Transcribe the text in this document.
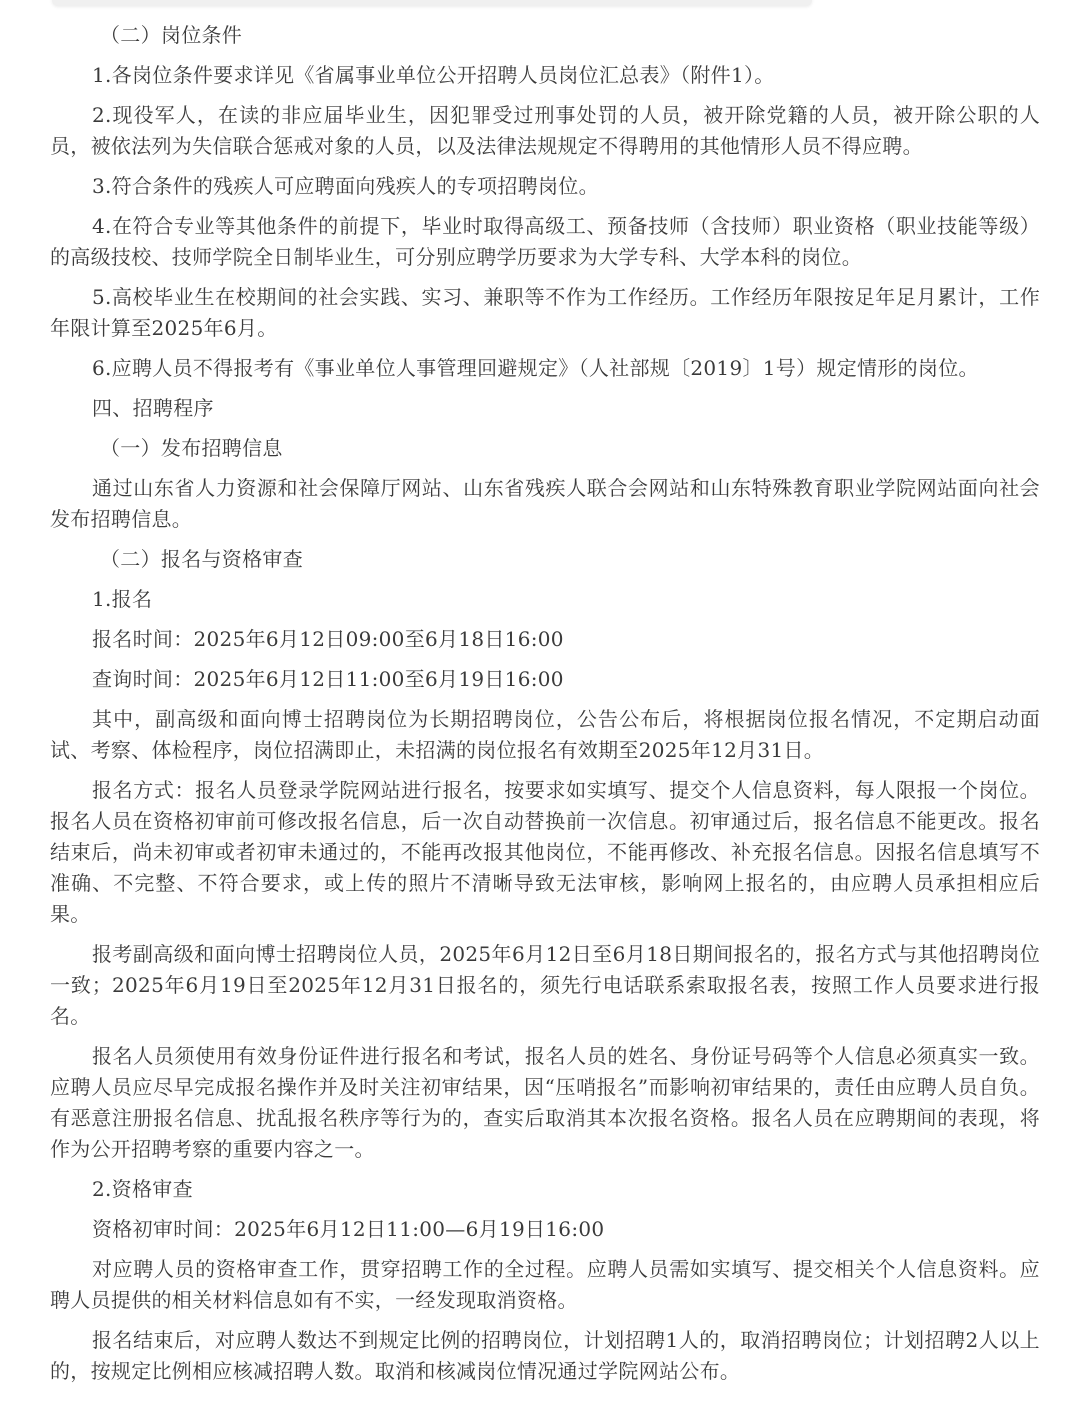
（二）岗位条件

1.各岗位条件要求详见《省属事业单位公开招聘人员岗位汇总表》（附件1）。

2.现役军人，在读的非应届毕业生，因犯罪受过刑事处罚的人员，被开除党籍的人员，被开除公职的人员，被依法列为失信联合惩戒对象的人员，以及法律法规规定不得聘用的其他情形人员不得应聘。

3.符合条件的残疾人可应聘面向残疾人的专项招聘岗位。

4.在符合专业等其他条件的前提下，毕业时取得高级工、预备技师（含技师）职业资格（职业技能等级）的高级技校、技师学院全日制毕业生，可分别应聘学历要求为大学专科、大学本科的岗位。

5.高校毕业生在校期间的社会实践、实习、兼职等不作为工作经历。工作经历年限按足年足月累计，工作年限计算至2025年6月。

6.应聘人员不得报考有《事业单位人事管理回避规定》（人社部规〔2019〕1号）规定情形的岗位。

四、招聘程序

（一）发布招聘信息

通过山东省人力资源和社会保障厅网站、山东省残疾人联合会网站和山东特殊教育职业学院网站面向社会发布招聘信息。

（二）报名与资格审查

1.报名

报名时间：2025年6月12日09:00至6月18日16:00

查询时间：2025年6月12日11:00至6月19日16:00

其中，副高级和面向博士招聘岗位为长期招聘岗位，公告公布后，将根据岗位报名情况，不定期启动面试、考察、体检程序，岗位招满即止，未招满的岗位报名有效期至2025年12月31日。

报名方式：报名人员登录学院网站进行报名，按要求如实填写、提交个人信息资料，每人限报一个岗位。报名人员在资格初审前可修改报名信息，后一次自动替换前一次信息。初审通过后，报名信息不能更改。报名结束后，尚未初审或者初审未通过的，不能再改报其他岗位，不能再修改、补充报名信息。因报名信息填写不准确、不完整、不符合要求，或上传的照片不清晰导致无法审核，影响网上报名的，由应聘人员承担相应后果。

报考副高级和面向博士招聘岗位人员，2025年6月12日至6月18日期间报名的，报名方式与其他招聘岗位一致；2025年6月19日至2025年12月31日报名的，须先行电话联系索取报名表，按照工作人员要求进行报名。

报名人员须使用有效身份证件进行报名和考试，报名人员的姓名、身份证号码等个人信息必须真实一致。应聘人员应尽早完成报名操作并及时关注初审结果，因“压哨报名”而影响初审结果的，责任由应聘人员自负。有恶意注册报名信息、扰乱报名秩序等行为的，查实后取消其本次报名资格。报名人员在应聘期间的表现，将作为公开招聘考察的重要内容之一。

2.资格审查

资格初审时间：2025年6月12日11:00—6月19日16:00

对应聘人员的资格审查工作，贯穿招聘工作的全过程。应聘人员需如实填写、提交相关个人信息资料。应聘人员提供的相关材料信息如有不实，一经发现取消资格。

报名结束后，对应聘人数达不到规定比例的招聘岗位，计划招聘1人的，取消招聘岗位；计划招聘2人以上的，按规定比例相应核减招聘人数。取消和核减岗位情况通过学院网站公布。
